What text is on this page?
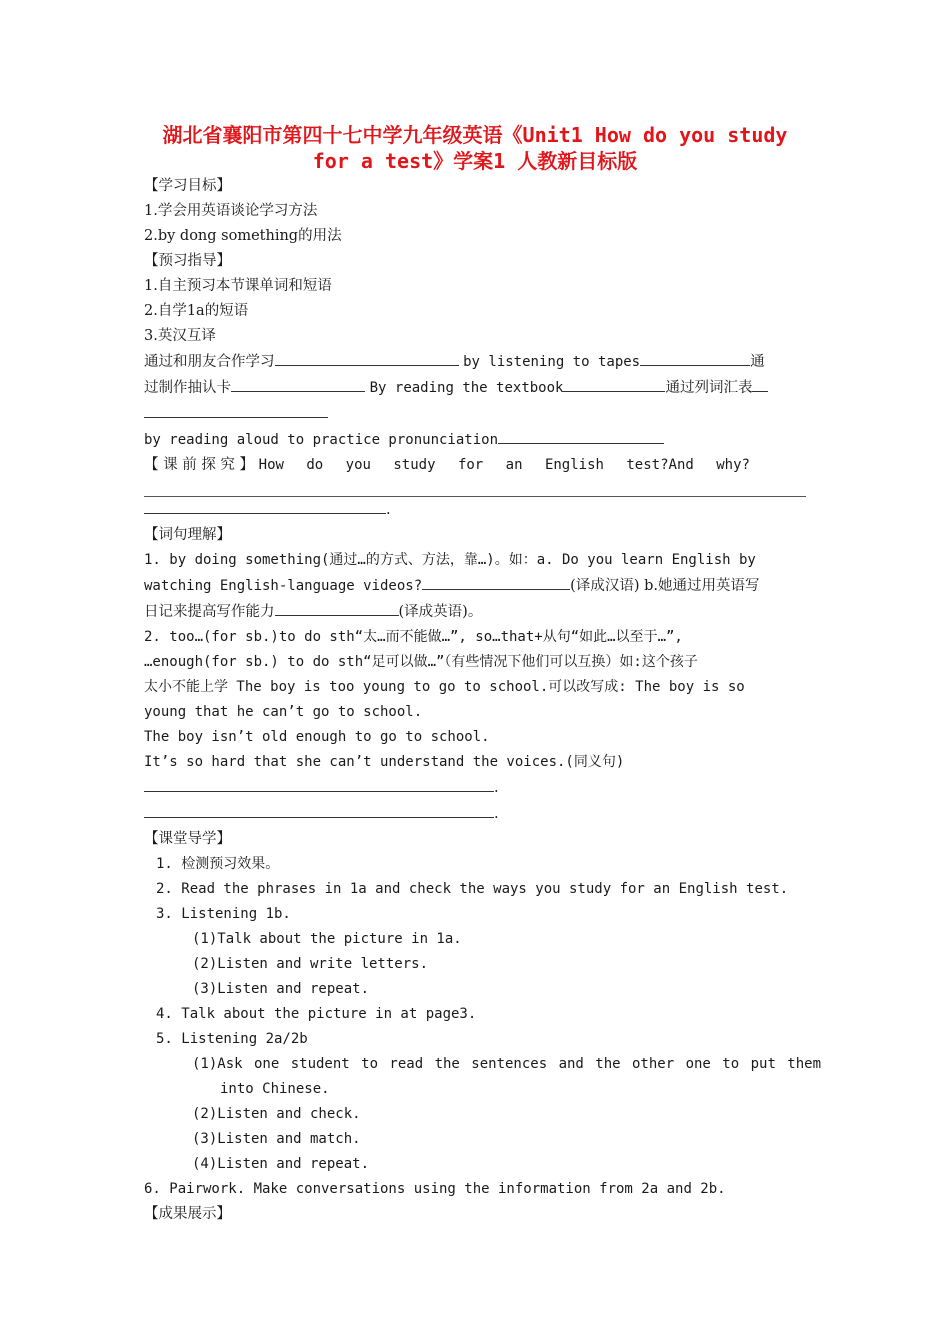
湖北省襄阳市第四十七中学九年级英语《Unit1 How do you study
for a test》学案1 人教新目标版
【学习目标】
1.学会用英语谈论学习方法
2.by dong something的用法
【预习指导】
1.自主预习本节课单词和短语
2.自学1a的短语
3.英汉互译
通过和朋友合作学习	by listening to tapes	通
过制作抽认卡	By reading the textbook	通过列词汇表
by reading aloud to practice pronunciation
【 课 前 探 究 】 How do you study for an English test?And why?
.
【词句理解】
1. by doing something(通过…的方式、方法，靠…)。如：a. Do you learn English by
watching English-language videos?	(译成汉语) b.她通过用英语写
日记来提高写作能力	(译成英语)。
2. too…(for sb.)to do sth“太…而不能做…”, so…that+从句“如此…以至于…”,
…enough(for sb.) to do sth“足可以做…”（有些情况下他们可以互换）如:这个孩子
太小不能上学 The boy is too young to go to school.可以改写成: The boy is so
young that he can’t go to school.
The boy isn’t old enough to go to school.
It’s so hard that she can’t understand the voices.(同义句)
.
.
【课堂导学】
1. 检测预习效果。
2. Read the phrases in 1a and check the ways you study for an English test.
3. Listening 1b.
(1)Talk about the picture in 1a.
(2)Listen and write letters.
(3)Listen and repeat.
4. Talk about the picture in at page3.
5. Listening 2a/2b
(1)Ask one student to read the sentences and the other one to put them
into Chinese.
(2)Listen and check.
(3)Listen and match.
(4)Listen and repeat.
6. Pairwork. Make conversations using the information from 2a and 2b.
【成果展示】
